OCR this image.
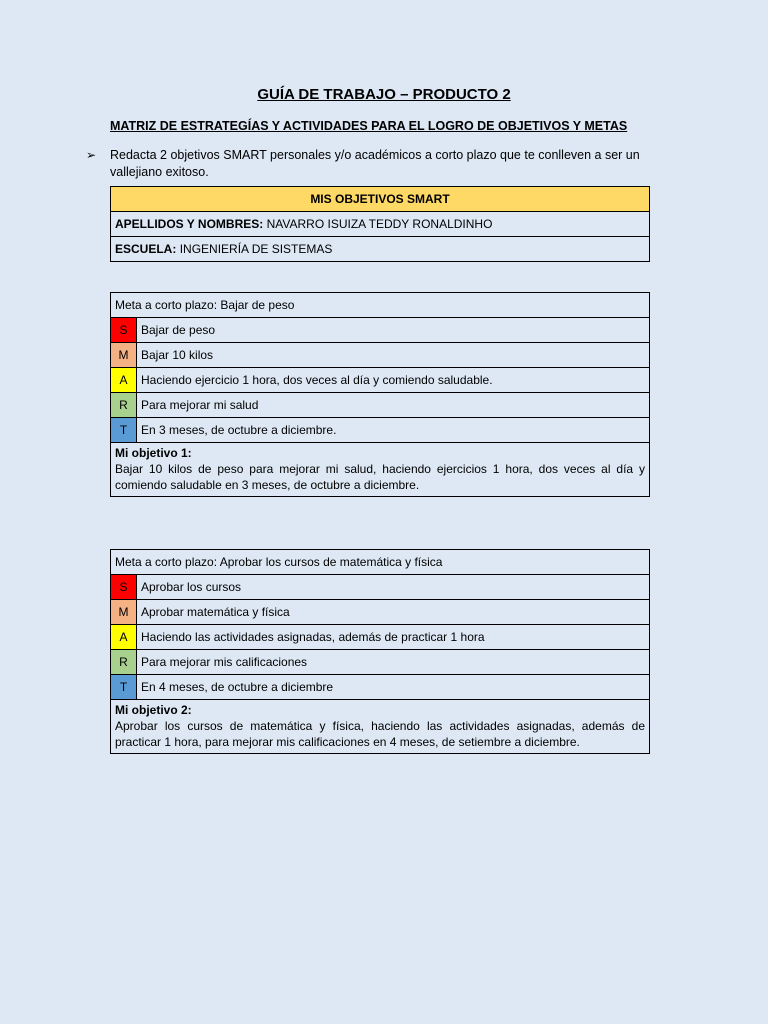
GUÍA DE TRABAJO – PRODUCTO 2
MATRIZ DE ESTRATEGÍAS Y ACTIVIDADES PARA EL LOGRO DE OBJETIVOS Y METAS
➢	Redacta 2 objetivos SMART personales y/o académicos a corto plazo que te conlleven a ser un vallejiano exitoso.
MIS OBJETIVOS SMART
APELLIDOS Y NOMBRES: NAVARRO ISUIZA TEDDY RONALDINHO
ESCUELA: INGENIERÍA DE SISTEMAS
Meta a corto plazo: Bajar de peso	
S	Bajar de peso
M	Bajar 10 kilos
A	Haciendo ejercicio 1 hora, dos veces al día y comiendo saludable.
R	Para mejorar mi salud
T	En 3 meses, de octubre a diciembre.

Mi objetivo 1:
Bajar 10 kilos de peso para mejorar mi salud, haciendo ejercicios 1 hora, dos veces al día y comiendo saludable en 3 meses, de octubre a diciembre.	
Meta a corto plazo: Aprobar los cursos de matemática y física	
S	Aprobar los cursos
M	Aprobar matemática y física
A	Haciendo las actividades asignadas, además de practicar 1 hora
R	Para mejorar mis calificaciones
T	En 4 meses, de octubre a diciembre

Mi objetivo 2:
Aprobar los cursos de matemática y física, haciendo las actividades asignadas, además de practicar 1 hora, para mejorar mis calificaciones en 4 meses, de setiembre a diciembre.	
